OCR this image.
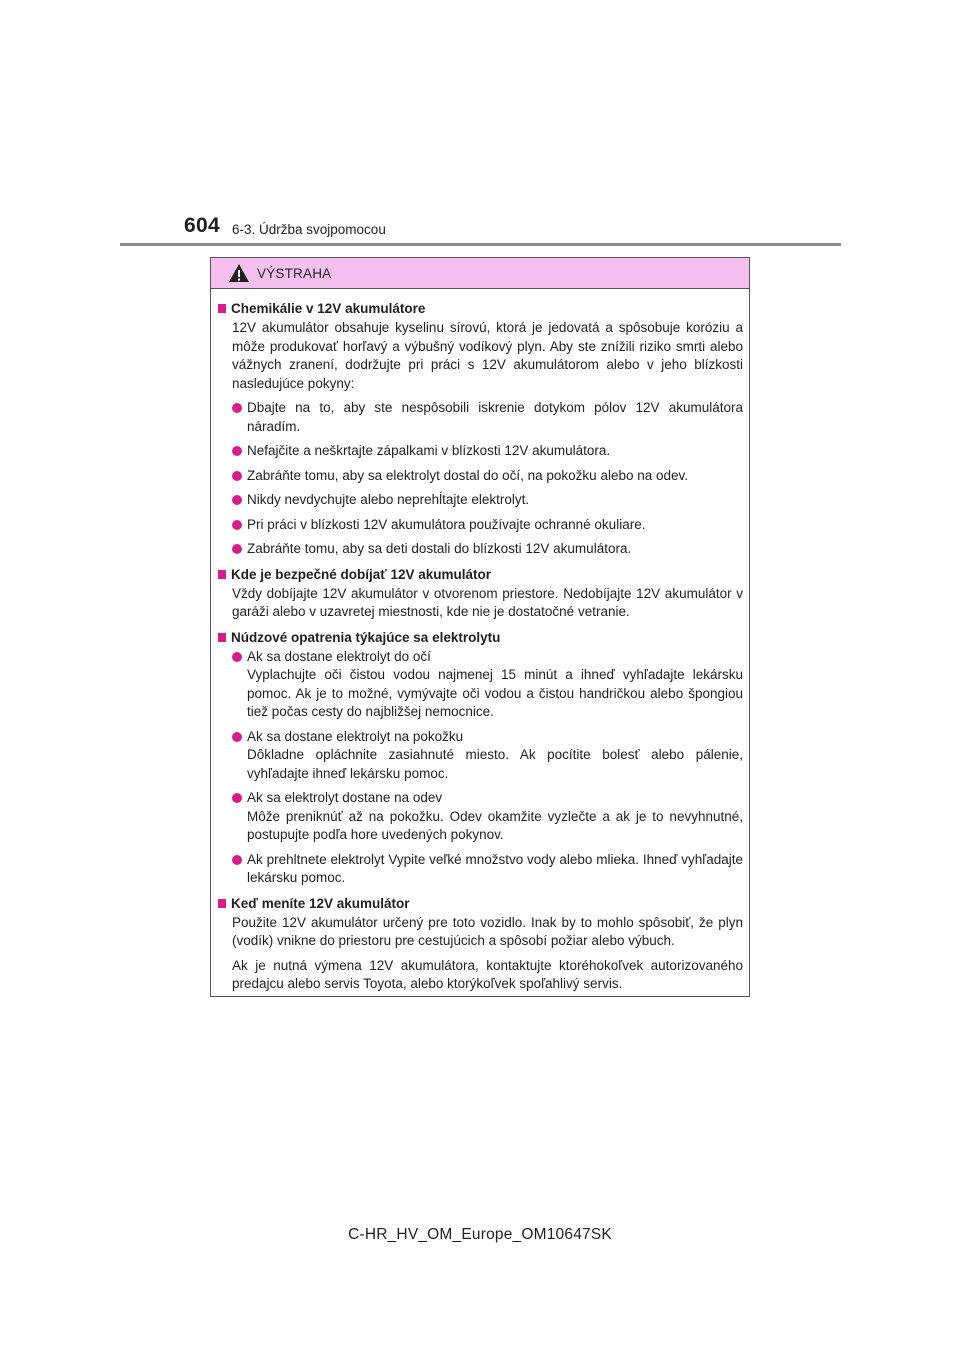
604 6-3. Údržba svojpomocou
VÝSTRAHA
Chemikálie v 12V akumulátore
12V akumulátor obsahuje kyselinu sírovú, ktorá je jedovatá a spôsobuje koróziu a môže produkovať horľavý a výbušný vodíkový plyn. Aby ste znížili riziko smrti alebo vážnych zranení, dodržujte pri práci s 12V akumulátorom alebo v jeho blízkosti nasledujúce pokyny:
Dbajte na to, aby ste nespôsobili iskrenie dotykom pólov 12V akumulátora náradím.
Nefajčite a neškrtajte zápalkami v blízkosti 12V akumulátora.
Zabráňte tomu, aby sa elektrolyt dostal do očí, na pokožku alebo na odev.
Nikdy nevdychujte alebo neprehĺtajte elektrolyt.
Pri práci v blízkosti 12V akumulátora používajte ochranné okuliare.
Zabráňte tomu, aby sa deti dostali do blízkosti 12V akumulátora.
Kde je bezpečné dobíjať 12V akumulátor
Vždy dobíjajte 12V akumulátor v otvorenom priestore. Nedobíjajte 12V akumulátor v garáži alebo v uzavretej miestnosti, kde nie je dostatočné vetranie.
Núdzové opatrenia týkajúce sa elektrolytu
Ak sa dostane elektrolyt do očí
Vyplachujte oči čistou vodou najmenej 15 minút a ihneď vyhľadajte lekársku pomoc. Ak je to možné, vymývajte oči vodou a čistou handričkou alebo špongiou tiež počas cesty do najbližšej nemocnice.
Ak sa dostane elektrolyt na pokožku
Dôkladne opláchnite zasiahnuté miesto. Ak pocítite bolesť alebo pálenie, vyhľadajte ihneď lekársku pomoc.
Ak sa elektrolyt dostane na odev
Môže preniknúť až na pokožku. Odev okamžite vyzlečte a ak je to nevyhnutné, postupujte podľa hore uvedených pokynov.
Ak prehltnete elektrolyt Vypite veľké množstvo vody alebo mlieka. Ihneď vyhľadajte lekársku pomoc.
Keď meníte 12V akumulátor
Použite 12V akumulátor určený pre toto vozidlo. Inak by to mohlo spôsobiť, že plyn (vodík) vnikne do priestoru pre cestujúcich a spôsobí požiar alebo výbuch.
Ak je nutná výmena 12V akumulátora, kontaktujte ktoréhokoľvek autorizovaného predajcu alebo servis Toyota, alebo ktorýkoľvek spoľahlivý servis.
C-HR_HV_OM_Europe_OM10647SK
